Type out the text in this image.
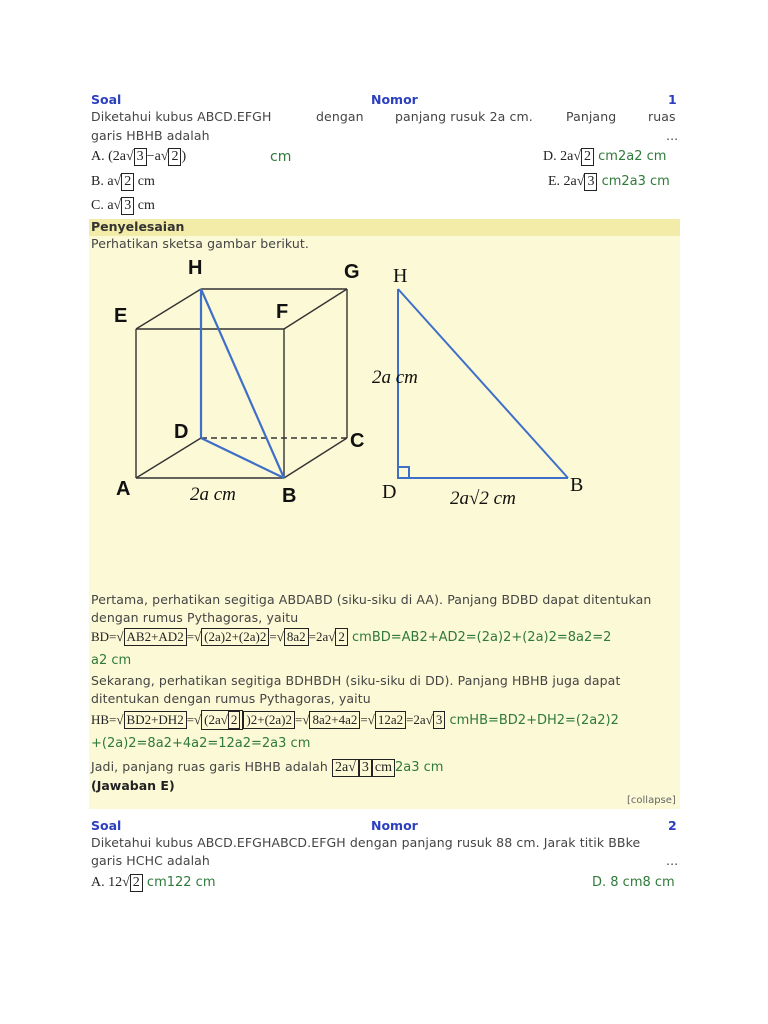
Soal	Nomor	1
Diketahui kubus ABCD.EFGH	dengan	panjang rusuk 2a cm.	Panjang	ruas
garis HBHB adalah	...
A. (2a√ 3 −a√ 2 )	cm	D. 2a√ 2 cm2a2 cm
B. a√ 2 cm	E. 2a√ 3 cm2a3 cm
C. a√ 3 cm
Penyelesaian
Perhatikan sketsa gambar berikut.
H	G
E	F
D	C
A	B
2a cm
H
D	B
2a cm
2a√2 cm
Pertama, perhatikan segitiga ABDABD (siku-siku di AA). Panjang BDBD dapat ditentukan
dengan rumus Pythagoras, yaitu
BD=√ AB2+AD2 =√ (2a)2+(2a)2 =√ 8a2 =2a√ 2 cmBD=AB2+AD2=(2a)2+(2a)2=8a2=2
a2 cm
Sekarang, perhatikan segitiga BDHBDH (siku-siku di DD). Panjang HBHB juga dapat
ditentukan dengan rumus Pythagoras, yaitu
HB=√ BD2+DH2 =√ (2a√ 2 )2+(2a)2 =√ 8a2+4a2 =√ 12a2 =2a√ 3 cmHB=BD2+DH2=(2a2)2
+(2a)2=8a2+4a2=12a2=2a3 cm
Jadi, panjang ruas garis HBHB adalah 2a√ 3cm 2a3 cm
(Jawaban E)
[collapse]
Soal	Nomor	2
Diketahui kubus ABCD.EFGHABCD.EFGH dengan panjang rusuk 88 cm. Jarak titik BBke
garis HCHC adalah	...
A. 12√ 2 cm122 cm	D. 8 cm8 cm
